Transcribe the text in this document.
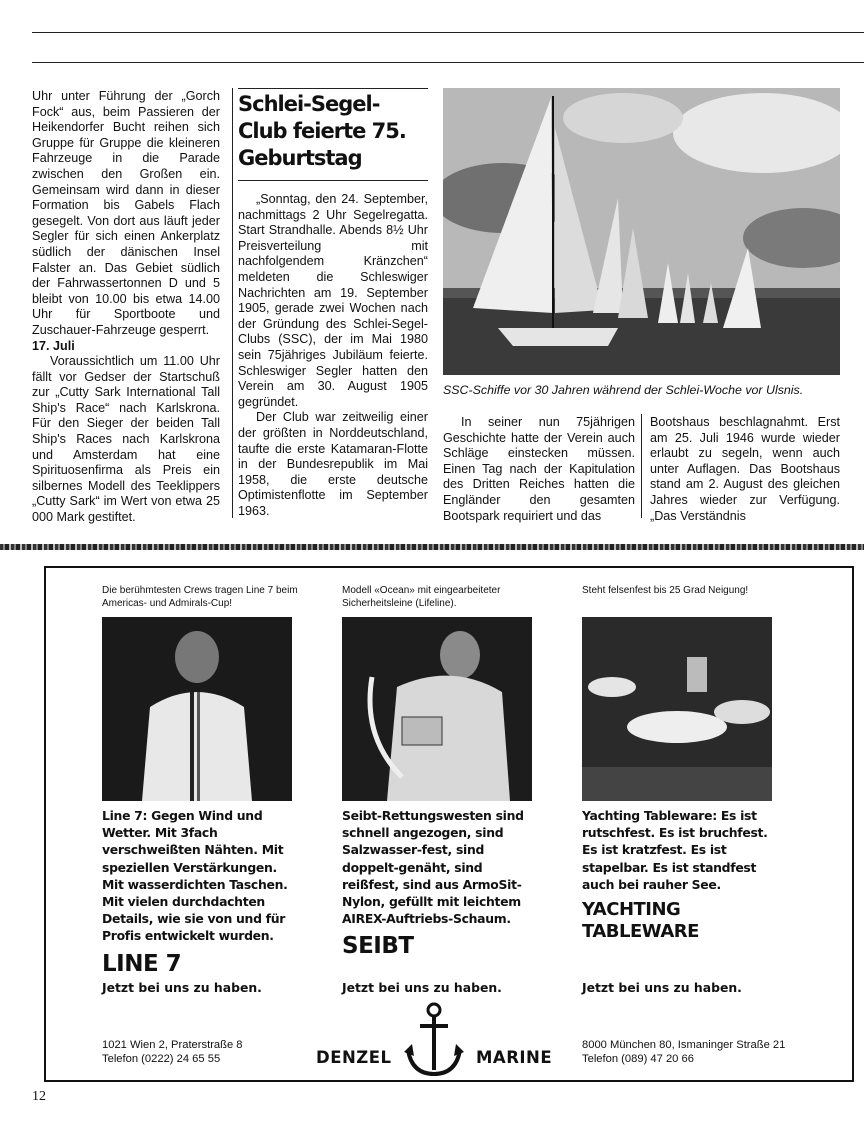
Uhr unter Führung der „Gorch Fock“ aus, beim Passieren der Heikendorfer Bucht reihen sich Gruppe für Gruppe die kleineren Fahrzeuge in die Parade zwischen den Großen ein. Gemeinsam wird dann in dieser Formation bis Gabels Flach gesegelt. Von dort aus läuft jeder Segler für sich einen Ankerplatz südlich der dänischen Insel Falster an. Das Gebiet südlich der Fahrwassertonnen D und 5 bleibt von 10.00 bis etwa 14.00 Uhr für Sportboote und Zuschauer-Fahrzeuge gesperrt.

17. Juli

Voraussichtlich um 11.00 Uhr fällt vor Gedser der Startschuß zur „Cutty Sark International Tall Ship's Race“ nach Karlskrona. Für den Sieger der beiden Tall Ship's Races nach Karlskrona und Amsterdam hat eine Spirituosenfirma als Preis ein silbernes Modell des Teeklippers „Cutty Sark“ im Wert von etwa 25 000 Mark gestiftet.

Schlei-Segel-Club feierte 75. Geburtstag

„Sonntag, den 24. September, nachmittags 2 Uhr Segelregatta. Start Strandhalle. Abends 8½ Uhr Preisverteilung mit nachfolgendem Kränzchen“ meldeten die Schleswiger Nachrichten am 19. September 1905, gerade zwei Wochen nach der Gründung des Schlei-Segel-Clubs (SSC), der im Mai 1980 sein 75jähriges Jubiläum feierte. Schleswiger Segler hatten den Verein am 30. August 1905 gegründet.

Der Club war zeitweilig einer der größten in Norddeutschland, taufte die erste Katamaran-Flotte in der Bundesrepublik im Mai 1958, die erste deutsche Optimistenflotte im September 1963.

SSC-Schiffe vor 30 Jahren während der Schlei-Woche vor Ulsnis.

In seiner nun 75jährigen Geschichte hatte der Verein auch Schläge einstecken müssen. Einen Tag nach der Kapitulation des Dritten Reiches hatten die Engländer den gesamten Bootspark requiriert und das

Bootshaus beschlagnahmt. Erst am 25. Juli 1946 wurde wieder erlaubt zu segeln, wenn auch unter Auflagen. Das Bootshaus stand am 2. August des gleichen Jahres wieder zur Verfügung. „Das Verständnis

Die berühmtesten Crews tragen Line 7 beim Americas- und Admirals-Cup!
Line 7: Gegen Wind und Wetter. Mit 3fach verschweißten Nähten. Mit speziellen Verstärkungen. Mit wasserdichten Taschen. Mit vielen durchdachten Details, wie sie von und für Profis entwickelt wurden.
LINE 7
Jetzt bei uns zu haben.
Modell «Ocean» mit eingearbeiteter Sicherheitsleine (Lifeline).
Seibt-Rettungswesten sind schnell angezogen, sind Salzwasser-fest, sind doppelt-genäht, sind reißfest, sind aus ArmoSit-Nylon, gefüllt mit leichtem AIREX-Auftriebs-Schaum.
SEIBT
Jetzt bei uns zu haben.
Steht felsenfest bis 25 Grad Neigung!
Yachting Tableware: Es ist rutschfest. Es ist bruchfest. Es ist kratzfest. Es ist stapelbar. Es ist standfest auch bei rauher See.
YACHTING TABLEWARE
Jetzt bei uns zu haben.
1021 Wien 2, Praterstraße 8
Telefon (0222) 24 65 55	DENZEL	MARINE
8000 München 80, Ismaninger Straße 21
Telefon (089) 47 20 66
12
